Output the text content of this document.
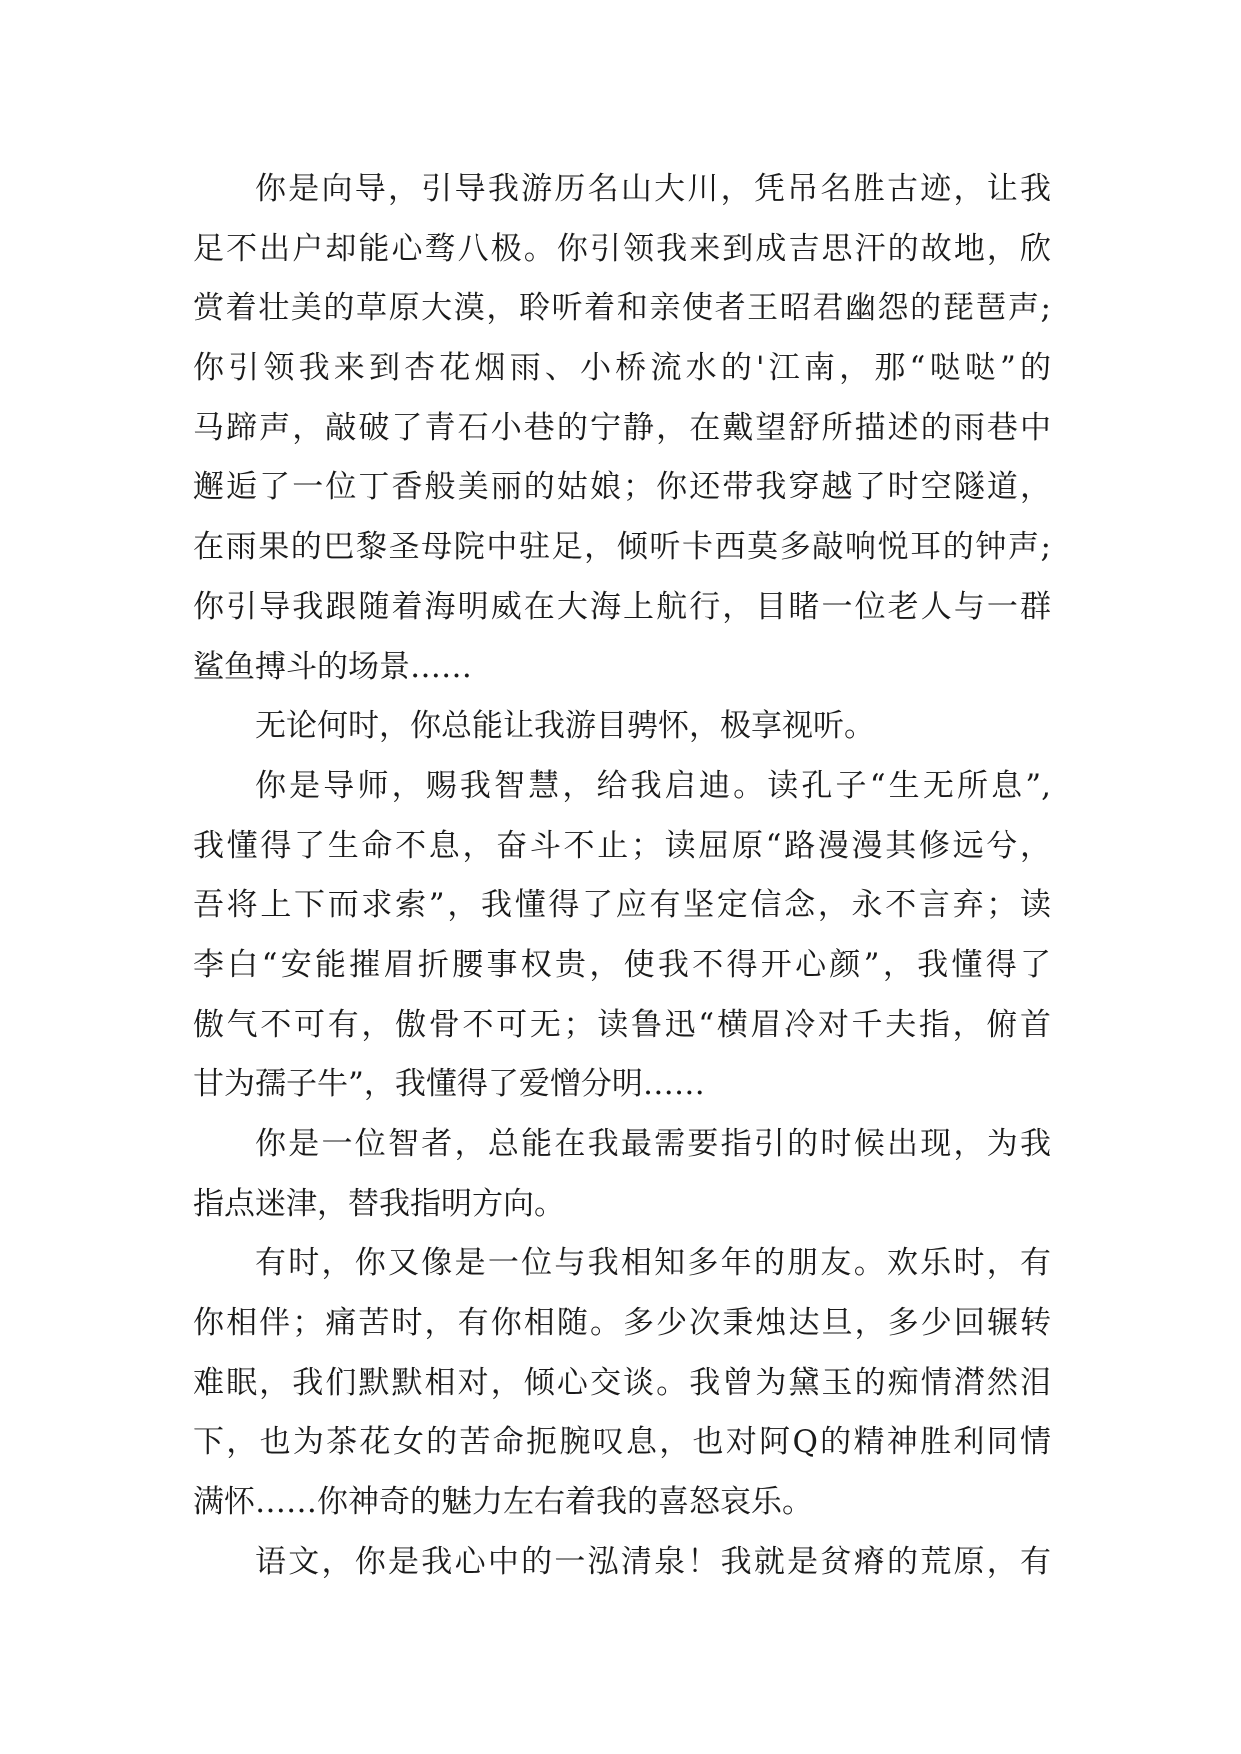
你是向导，引导我游历名山大川，凭吊名胜古迹，让我
足不出户却能心骛八极。你引领我来到成吉思汗的故地，欣
赏着壮美的草原大漠，聆听着和亲使者王昭君幽怨的琵琶声;
你引领我来到杏花烟雨、小桥流水的'江南，那“哒哒”的
马蹄声，敲破了青石小巷的宁静，在戴望舒所描述的雨巷中
邂逅了一位丁香般美丽的姑娘；你还带我穿越了时空隧道，
在雨果的巴黎圣母院中驻足，倾听卡西莫多敲响悦耳的钟声;
你引导我跟随着海明威在大海上航行，目睹一位老人与一群
鲨鱼搏斗的场景……
无论何时，你总能让我游目骋怀，极享视听。
你是导师，赐我智慧，给我启迪。读孔子“生无所息”,
我懂得了生命不息，奋斗不止；读屈原“路漫漫其修远兮，
吾将上下而求索”，我懂得了应有坚定信念，永不言弃；读
李白“安能摧眉折腰事权贵，使我不得开心颜”，我懂得了
傲气不可有，傲骨不可无；读鲁迅“横眉冷对千夫指，俯首
甘为孺子牛”，我懂得了爱憎分明……
你是一位智者，总能在我最需要指引的时候出现，为我
指点迷津，替我指明方向。
有时，你又像是一位与我相知多年的朋友。欢乐时，有
你相伴；痛苦时，有你相随。多少次秉烛达旦，多少回辗转
难眠，我们默默相对，倾心交谈。我曾为黛玉的痴情潸然泪
下，也为茶花女的苦命扼腕叹息，也对阿Q的精神胜利同情
满怀……你神奇的魅力左右着我的喜怒哀乐。
语文，你是我心中的一泓清泉！我就是贫瘠的荒原，有
